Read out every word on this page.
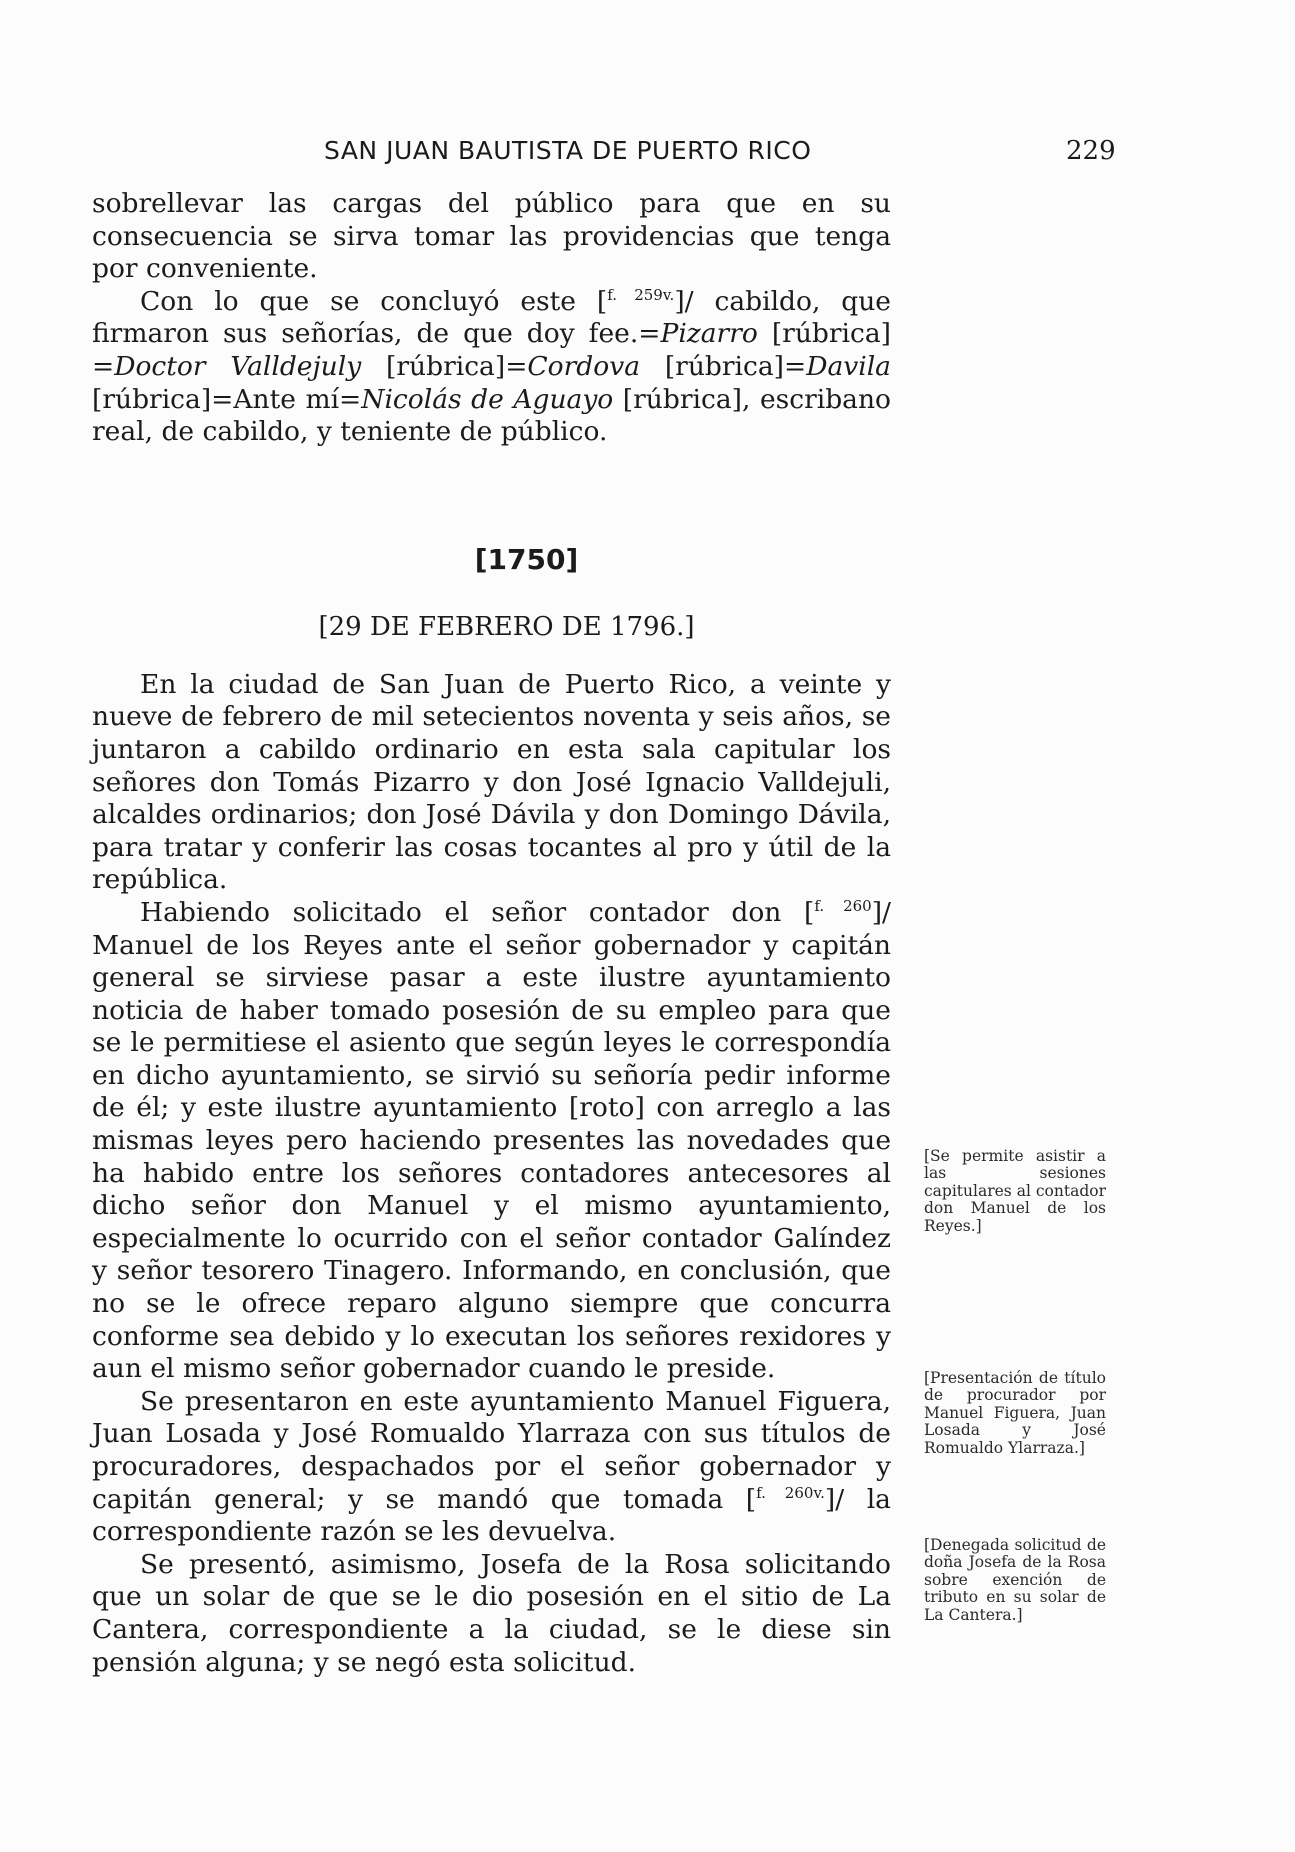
SAN JUAN BAUTISTA DE PUERTO RICO	229

sobrellevar las cargas del público para que en su consecuencia se sirva tomar las providencias que tenga por conveniente.

Con lo que se concluyó este [$^{f. 259v.}$]/ cabildo, que firmaron sus señorías, de que doy fee.=Pizarro [rúbrica] =Doctor Valldejuly [rúbrica]=Cordova [rúbrica]=Davila [rúbrica]=Ante mí=Nicolás de Aguayo [rúbrica], escribano real, de cabildo, y teniente de público.

[1750]
[29 DE FEBRERO DE 1796.]

En la ciudad de San Juan de Puerto Rico, a veinte y nueve de febrero de mil setecientos noventa y seis años, se juntaron a cabildo ordinario en esta sala capitular los señores don Tomás Pizarro y don José Ignacio Valldejuli, alcaldes ordinarios; don José Dávila y don Domingo Dávila, para tratar y conferir las cosas tocantes al pro y útil de la república.

Habiendo solicitado el señor contador don [$^{f. 260}$]/ Manuel de los Reyes ante el señor gobernador y capitán general se sirviese pasar a este ilustre ayuntamiento noticia de haber tomado posesión de su empleo para que se le permitiese el asiento que según leyes le correspondía en dicho ayuntamiento, se sirvió su señoría pedir informe de él; y este ilustre ayuntamiento [roto] con arreglo a las mismas leyes pero haciendo presentes las novedades que ha habido entre los señores contadores antecesores al dicho señor don Manuel y el mismo ayuntamiento, especialmente lo ocurrido con el señor contador Galíndez y señor tesorero Tinagero. Informando, en conclusión, que no se le ofrece reparo alguno siempre que concurra conforme sea debido y lo executan los señores rexidores y aun el mismo señor gobernador cuando le preside.

Se presentaron en este ayuntamiento Manuel Figuera, Juan Losada y José Romualdo Ylarraza con sus títulos de procuradores, despachados por el señor gobernador y capitán general; y se mandó que tomada [$^{f. 260v.}$]/ la correspondiente razón se les devuelva.

Se presentó, asimismo, Josefa de la Rosa solicitando que un solar de que se le dio posesión en el sitio de La Cantera, correspondiente a la ciudad, se le diese sin pensión alguna; y se negó esta solicitud.

[Se permite asistir a las sesiones capitulares al contador don Manuel de los Reyes.]
[Presentación de título de procurador por Manuel Figuera, Juan Losada y José Romualdo Ylarraza.]
[Denegada solicitud de doña Josefa de la Rosa sobre exención de tributo en su solar de La Cantera.]
